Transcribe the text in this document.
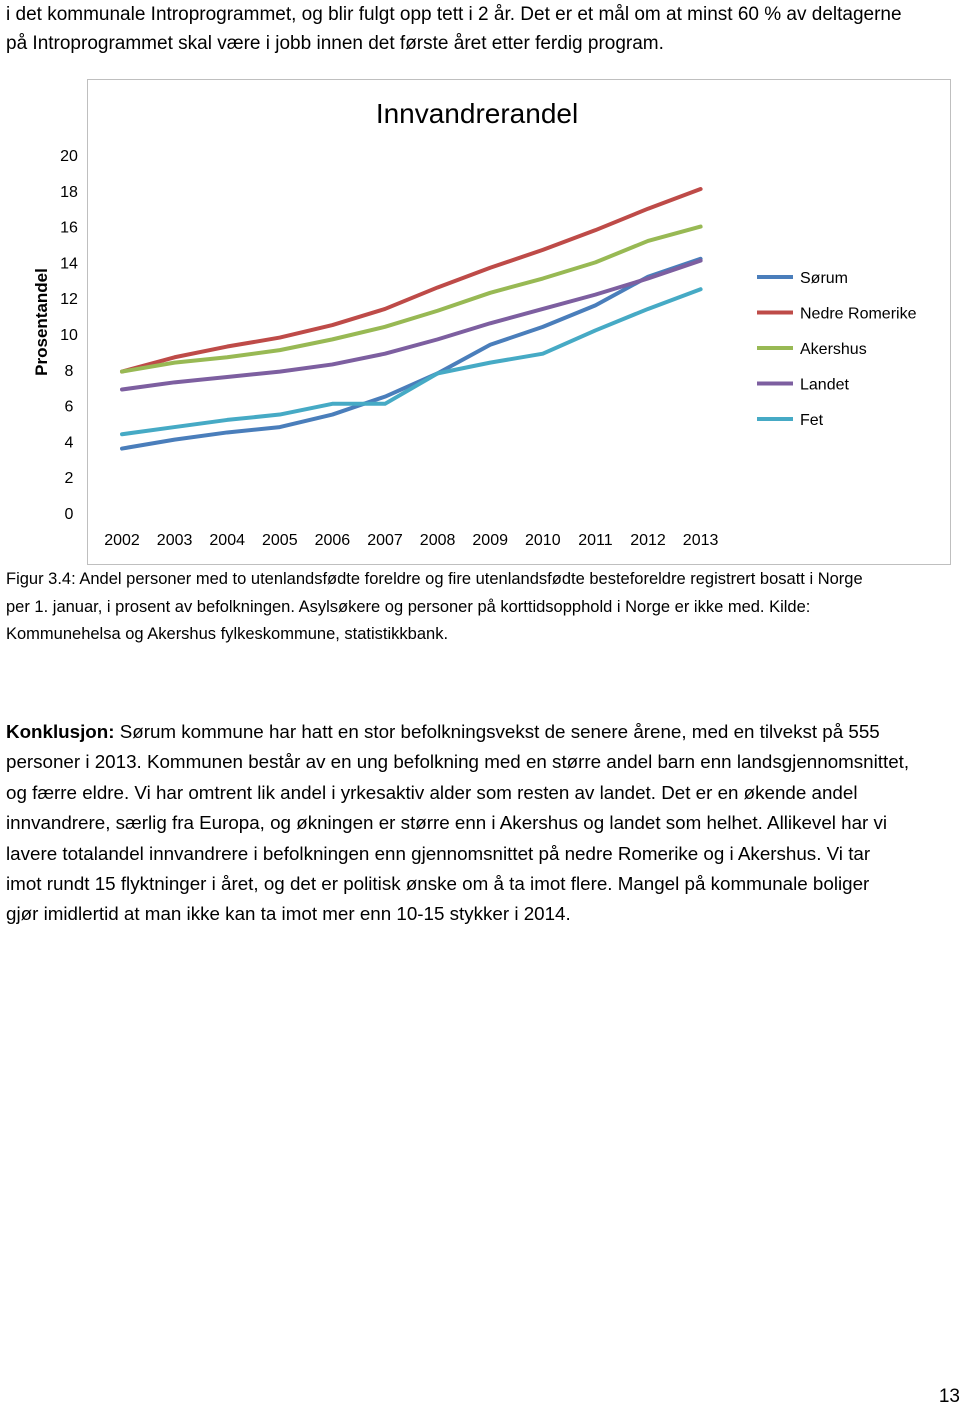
i det kommunale Introprogrammet, og blir fulgt opp tett i 2 år. Det er et mål om at minst 60 % av deltagerne

på Introprogrammet skal være i jobb innen det første året etter ferdig program.

Innvandrerandel
Prosentandel
0
2
4
6
8
10
12
14
16
18
20
2002 2003 2004 2005 2006 2007 2008 2009 2010 2011 2012 2013
Sørum
Nedre Romerike
Akershus
Landet
Fet

Figur 3.4: Andel personer med to utenlandsfødte foreldre og fire utenlandsfødte besteforeldre registrert bosatt i Norge

per 1. januar, i prosent av befolkningen. Asylsøkere og personer på korttidsopphold i Norge er ikke med. Kilde:

Kommunehelsa og Akershus fylkeskommune, statistikkbank.

Konklusjon: Sørum kommune har hatt en stor befolkningsvekst de senere årene, med en tilvekst på 555

personer i 2013. Kommunen består av en ung befolkning med en større andel barn enn landsgjennomsnittet,

og færre eldre. Vi har omtrent lik andel i yrkesaktiv alder som resten av landet. Det er en økende andel

innvandrere, særlig fra Europa, og økningen er større enn i Akershus og landet som helhet. Allikevel har vi

lavere totalandel innvandrere i befolkningen enn gjennomsnittet på nedre Romerike og i Akershus. Vi tar

imot rundt 15 flyktninger i året, og det er politisk ønske om å ta imot flere. Mangel på kommunale boliger

gjør imidlertid at man ikke kan ta imot mer enn 10-15 stykker i 2014.

13
